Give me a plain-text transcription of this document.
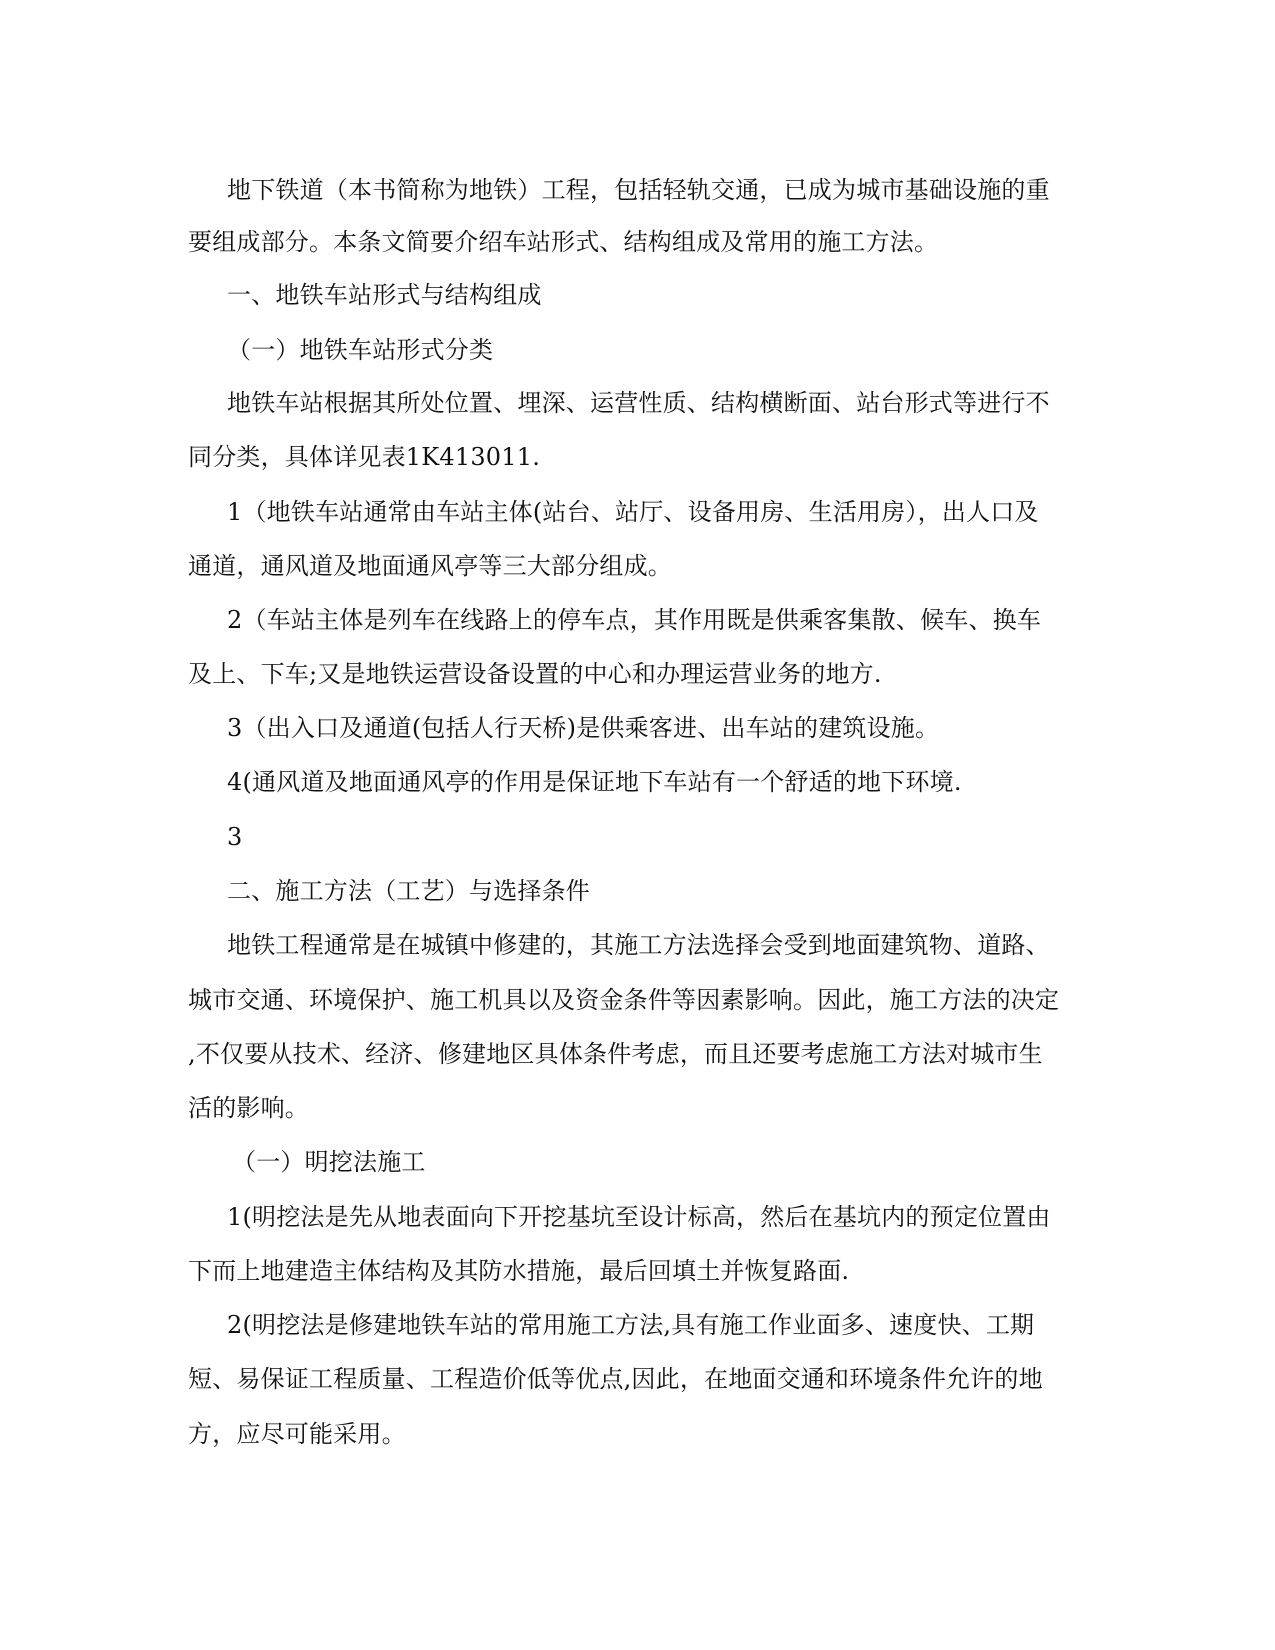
地下铁道（本书简称为地铁）工程，包括轻轨交通，已成为城市基础设施的重
要组成部分。本条文简要介绍车站形式、结构组成及常用的施工方法。
一、地铁车站形式与结构组成
（一）地铁车站形式分类
地铁车站根据其所处位置、埋深、运营性质、结构横断面、站台形式等进行不
同分类，具体详见表1K413011.
1（地铁车站通常由车站主体(站台、站厅、设备用房、生活用房），出人口及
通道，通风道及地面通风亭等三大部分组成。
2（车站主体是列车在线路上的停车点，其作用既是供乘客集散、候车、换车
及上、下车;又是地铁运营设备设置的中心和办理运营业务的地方.
3（出入口及通道(包括人行天桥)是供乘客进、出车站的建筑设施。
4(通风道及地面通风亭的作用是保证地下车站有一个舒适的地下环境.
3
二、施工方法（工艺）与选择条件
地铁工程通常是在城镇中修建的，其施工方法选择会受到地面建筑物、道路、
城市交通、环境保护、施工机具以及资金条件等因素影响。因此，施工方法的决定
,不仅要从技术、经济、修建地区具体条件考虑，而且还要考虑施工方法对城市生
活的影响。
（一）明挖法施工
1(明挖法是先从地表面向下开挖基坑至设计标高，然后在基坑内的预定位置由
下而上地建造主体结构及其防水措施，最后回填土并恢复路面.
2(明挖法是修建地铁车站的常用施工方法,具有施工作业面多、速度快、工期
短、易保证工程质量、工程造价低等优点,因此，在地面交通和环境条件允许的地
方，应尽可能采用。
